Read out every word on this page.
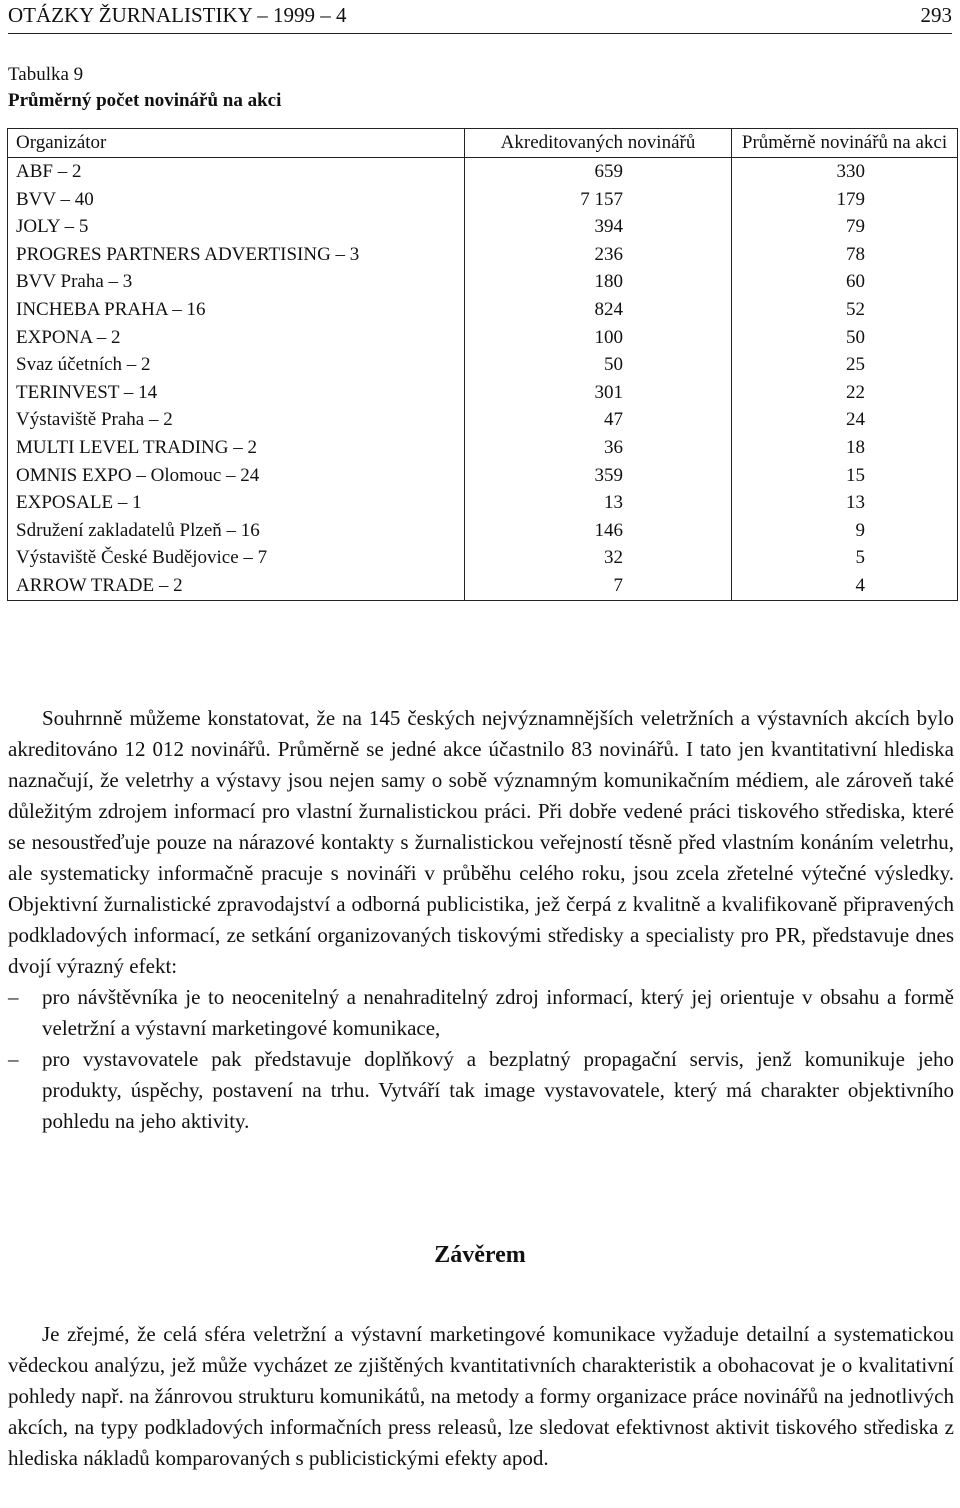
OTÁZKY ŽURNALISTIKY – 1999 – 4	293
Tabulka 9
Průměrný počet novinářů na akci
Organizátor	Akreditovaných novinářů	Průměrně novinářů na akci
ABF – 2	659	330
BVV – 40	7 157	179
JOLY – 5	394	79
PROGRES PARTNERS ADVERTISING – 3	236	78
BVV Praha – 3	180	60
INCHEBA PRAHA – 16	824	52
EXPONA – 2	100	50
Svaz účetních – 2	50	25
TERINVEST – 14	301	22
Výstaviště Praha – 2	47	24
MULTI LEVEL TRADING – 2	36	18
OMNIS EXPO – Olomouc – 24	359	15
EXPOSALE – 1	13	13
Sdružení zakladatelů Plzeň – 16	146	9
Výstaviště České Budějovice – 7	32	5
ARROW TRADE – 2	7	4

Souhrnně můžeme konstatovat, že na 145 českých nejvýznamnějších veletržních a výstavních akcích bylo akreditováno 12 012 novinářů. Průměrně se jedné akce účastnilo 83 novinářů. I tato jen kvantitativní hlediska naznačují, že veletrhy a výstavy jsou nejen samy o sobě významným komunikačním médiem, ale zároveň také důležitým zdrojem informací pro vlastní žurnalistickou práci. Při dobře vedené práci tiskového střediska, které se nesoustřeďuje pouze na nárazové kontakty s žurnalistickou veřejností těsně před vlastním konáním veletrhu, ale systematicky informačně pracuje s novináři v průběhu celého roku, jsou zcela zřetelné výtečné výsledky. Objektivní žurnalistické zpravodajství a odborná publicistika, jež čerpá z kvalitně a kvalifikovaně připravených podkladových informací, ze setkání organizovaných tiskovými středisky a specialisty pro PR, představuje dnes dvojí výrazný efekt:

– pro návštěvníka je to neocenitelný a nenahraditelný zdroj informací, který jej orientuje v obsahu a formě veletržní a výstavní marketingové komunikace,
– pro vystavovatele pak představuje doplňkový a bezplatný propagační servis, jenž komunikuje jeho produkty, úspěchy, postavení na trhu. Vytváří tak image vystavovatele, který má charakter objektivního pohledu na jeho aktivity.
Závěrem

Je zřejmé, že celá sféra veletržní a výstavní marketingové komunikace vyžaduje detailní a systematickou vědeckou analýzu, jež může vycházet ze zjištěných kvantitativních charakteristik a obohacovat je o kvalitativní pohledy např. na žánrovou strukturu komunikátů, na metody a formy organizace práce novinářů na jednotlivých akcích, na typy podkladových informačních press releasů, lze sledovat efektivnost aktivit tiskového střediska z hlediska nákladů komparovaných s publicistickými efekty apod.
